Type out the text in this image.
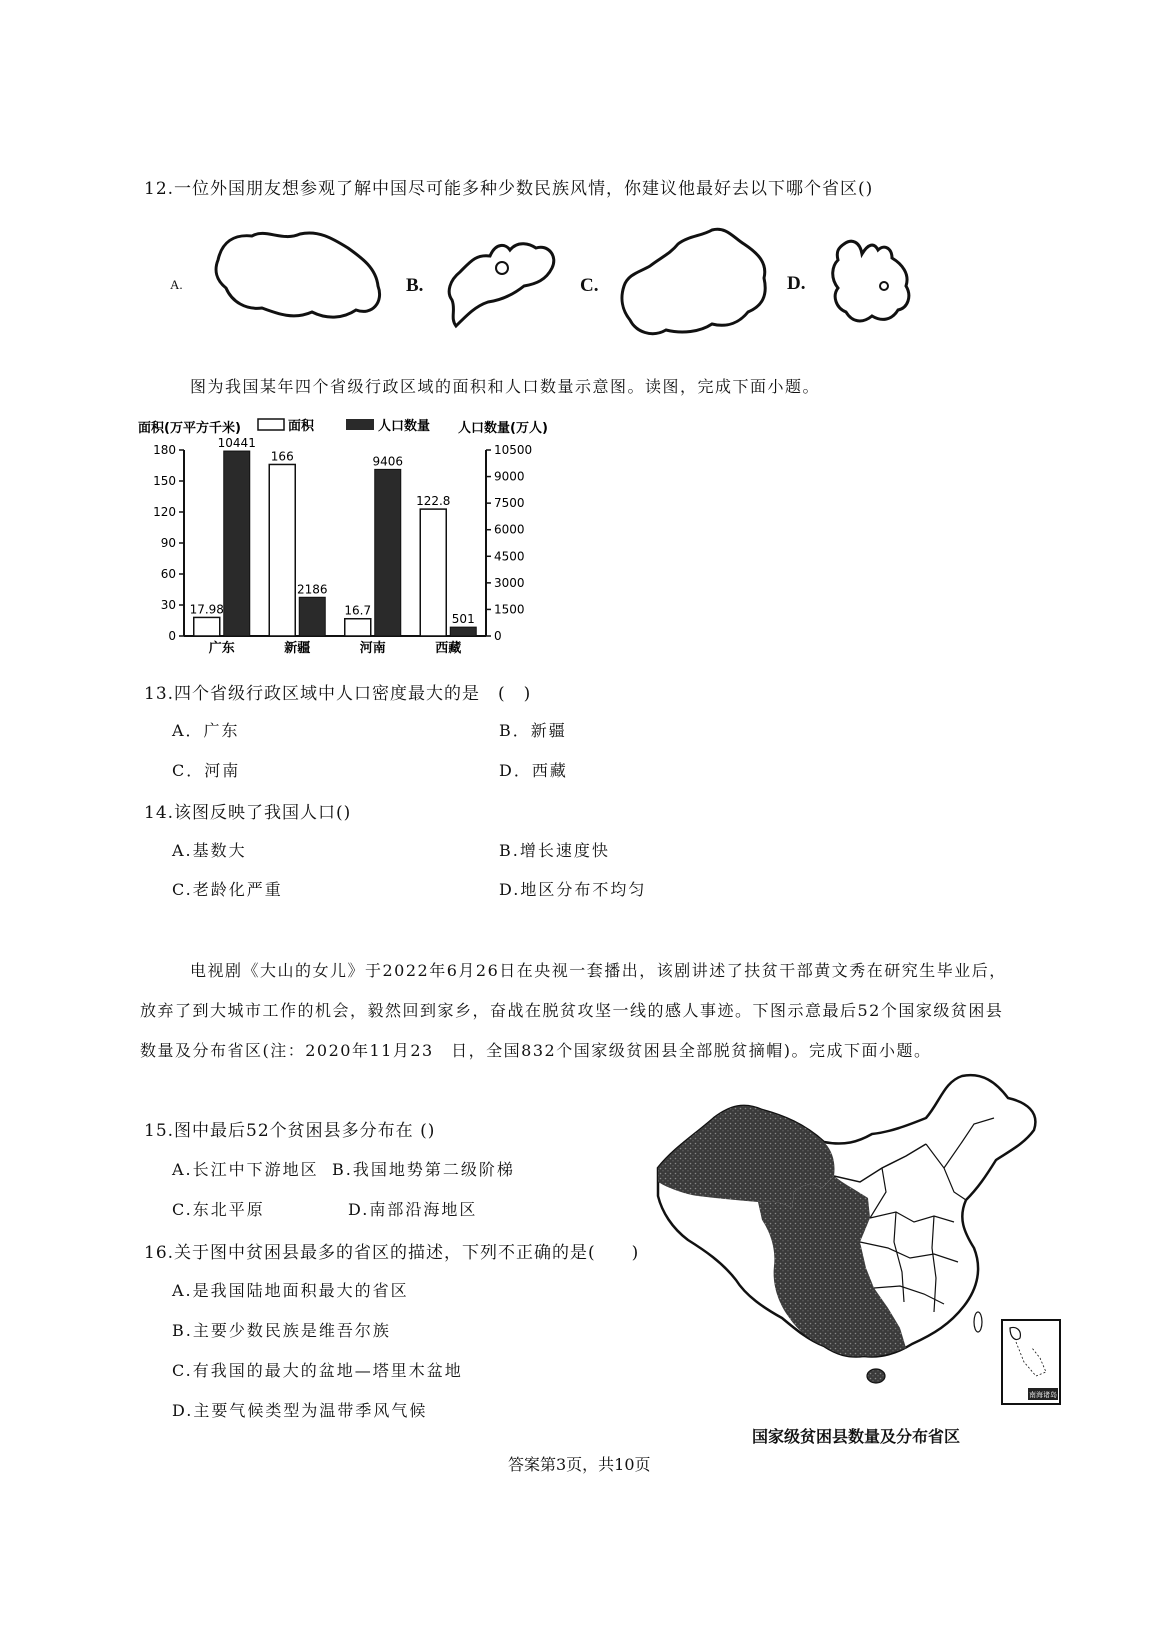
12.一位外国朋友想参观了解中国尽可能多种少数民族风情，你建议他最好去以下哪个省区()
A.	B.	C.	D.
图为我国某年四个省级行政区域的面积和人口数量示意图。读图，完成下面小题。
面积(万平方千米)	面积	人口数量 人口数量(万人)
0
30
60
90
120
150
180
0
1500
3000
4500
6000
7500
9000
10500
17.98
10441
广东
166
2186
新疆
16.7
9406
河南
122.8
501
西藏
13.四个省级行政区域中人口密度最大的是　(　)
A．广东	B．新疆
C．河南	D．西藏
14.该图反映了我国人口()
A.基数大	B.增长速度快
C.老龄化严重	D.地区分布不均匀
电视剧《大山的女儿》于2022年6月26日在央视一套播出，该剧讲述了扶贫干部黄文秀在研究生毕业后，
放弃了到大城市工作的机会，毅然回到家乡，奋战在脱贫攻坚一线的感人事迹。下图示意最后52个国家级贫困县
数量及分布省区(注：2020年11月23　日，全国832个国家级贫困县全部脱贫摘帽)。完成下面小题。
15.图中最后52个贫困县多分布在 ()
A.长江中下游地区 B.我国地势第二级阶梯
C.东北平原	D.南部沿海地区
16.关于图中贫困县最多的省区的描述，下列不正确的是(　　)
A.是我国陆地面积最大的省区
B.主要少数民族是维吾尔族
C.有我国的最大的盆地—塔里木盆地
D.主要气候类型为温带季风气候
南海诸岛
国家级贫困县数量及分布省区
答案第3页，共10页
